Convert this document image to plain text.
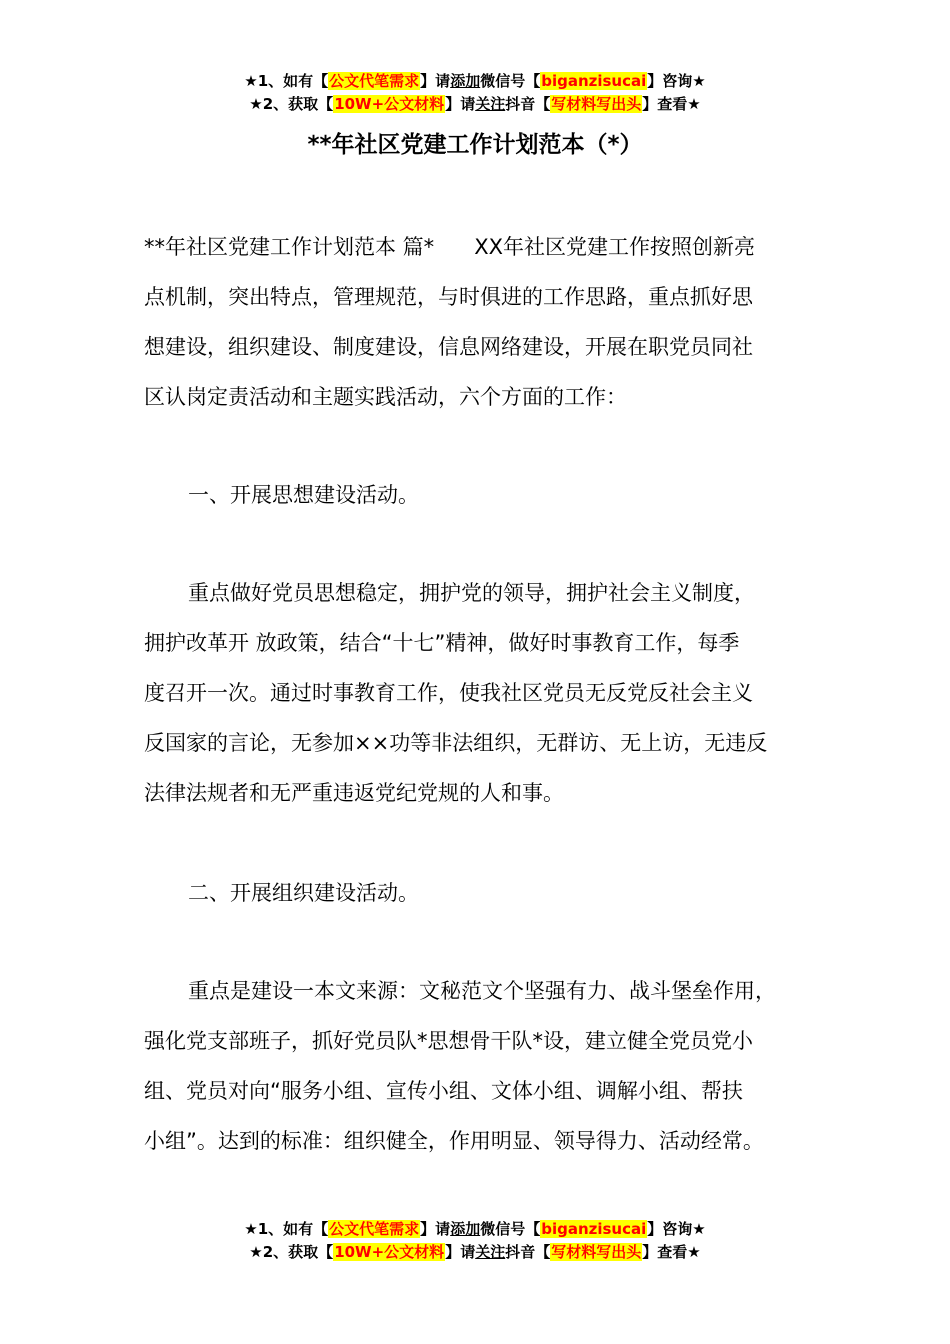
★1、如有【公文代笔需求】请添加微信号【biganzisucai】咨询★
★2、获取【10W+公文材料】请关注抖音【写材料写出头】查看★
**年社区党建工作计划范本（*）
**年社区党建工作计划范本 篇* XX年社区党建工作按照创新亮
点机制，突出特点，管理规范，与时俱进的工作思路，重点抓好思
想建设，组织建设、制度建设，信息网络建设，开展在职党员同社
区认岗定责活动和主题实践活动，六个方面的工作：
一、开展思想建设活动。
重点做好党员思想稳定，拥护党的领导，拥护社会主义制度，
拥护改革开 放政策，结合“十七”精神，做好时事教育工作，每季
度召开一次。通过时事教育工作，使我社区党员无反党反社会主义
反国家的言论，无参加××功等非法组织，无群访、无上访，无违反
法律法规者和无严重违返党纪党规的人和事。
二、开展组织建设活动。
重点是建设一本文来源：文秘范文个坚强有力、战斗堡垒作用，
强化党支部班子，抓好党员队*思想骨干队*设，建立健全党员党小
组、党员对向“服务小组、宣传小组、文体小组、调解小组、帮扶
小组”。达到的标准：组织健全，作用明显、领导得力、活动经常。
★1、如有【公文代笔需求】请添加微信号【biganzisucai】咨询★
★2、获取【10W+公文材料】请关注抖音【写材料写出头】查看★
